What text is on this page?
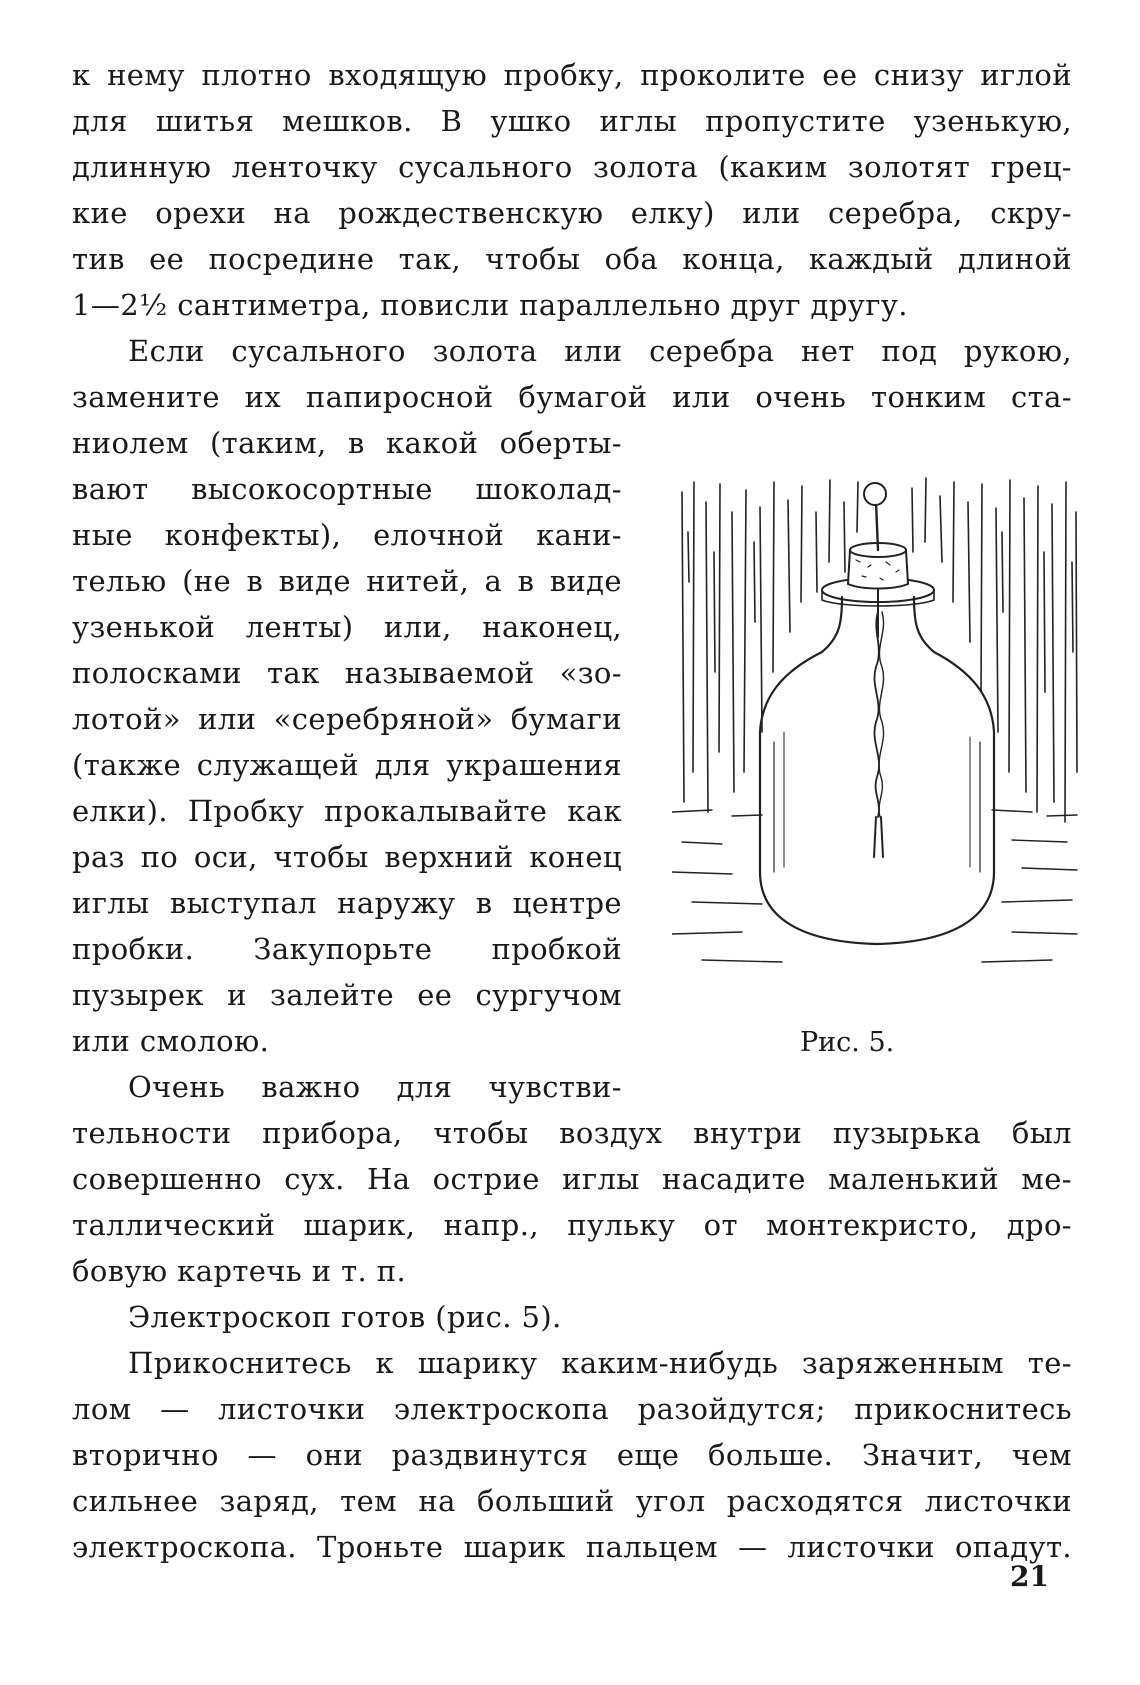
к нему плотно входящую пробку, проколите ее снизу иглой
для шитья мешков. В ушко иглы пропустите узенькую,
длинную ленточку сусального золота (каким золотят грец-
кие орехи на рождественскую елку) или серебра, скру-
тив ее посредине так, чтобы оба конца, каждый длиной
1—2½ сантиметра, повисли параллельно друг другу.
Если сусального золота или серебра нет под рукою,
замените их папиросной бумагой или очень тонким ста-
ниолем (таким, в какой оберты-
вают высокосортные шоколад-
ные конфекты), елочной кани-
телью (не в виде нитей, а в виде
узенькой ленты) или, наконец,
полосками так называемой «зо-
лотой» или «серебряной» бумаги
(также служащей для украшения
елки). Пробку прокалывайте как
раз по оси, чтобы верхний конец
иглы выступал наружу в центре
пробки. Закупорьте пробкой
пузырек и залейте ее сургучом
или смолою.
Очень важно для чувстви-
тельности прибора, чтобы воздух внутри пузырька был
совершенно сух. На острие иглы насадите маленький ме-
таллический шарик, напр., пульку от монтекристо, дро-
бовую картечь и т. п.
Электроскоп готов (рис. 5).
Прикоснитесь к шарику каким-нибудь заряженным те-
лом — листочки электроскопа разойдутся; прикоснитесь
вторично — они раздвинутся еще больше. Значит, чем
сильнее заряд, тем на больший угол расходятся листочки
электроскопа. Троньте шарик пальцем — листочки опадут.
Рис. 5.
21
